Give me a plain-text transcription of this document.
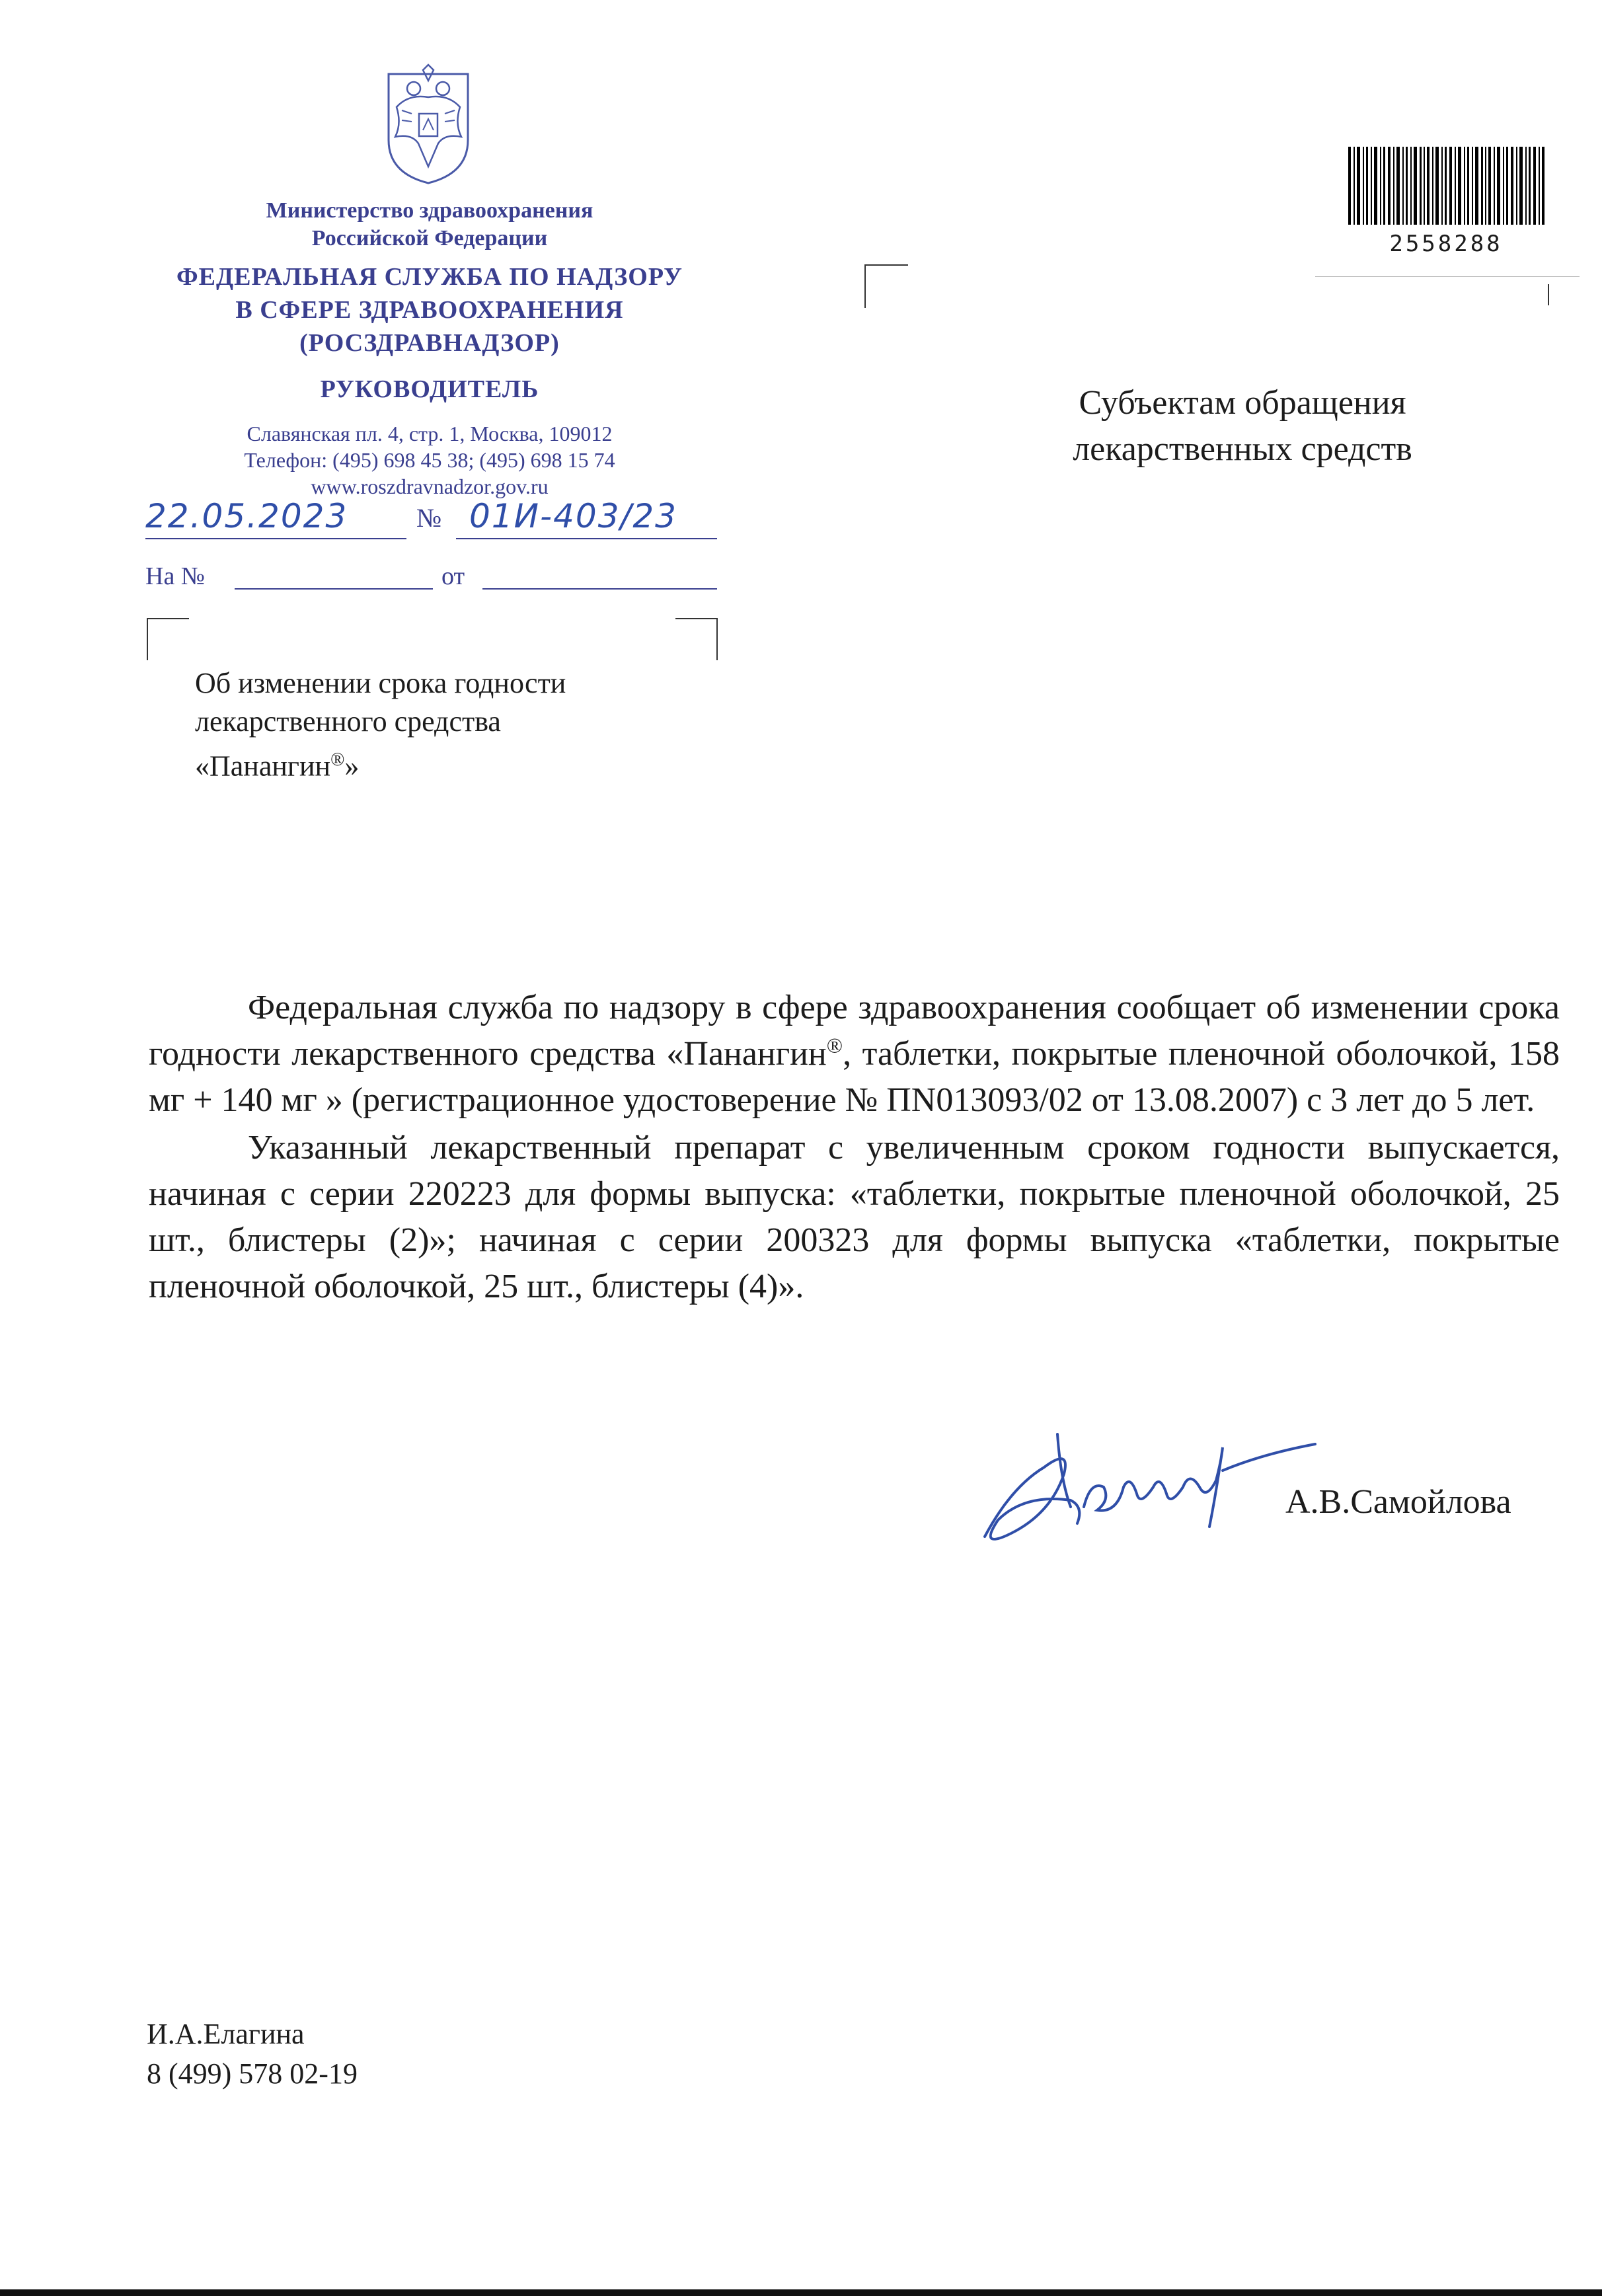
Министерство здравоохранения
Российской Федерации
ФЕДЕРАЛЬНАЯ СЛУЖБА ПО НАДЗОРУ
В СФЕРЕ ЗДРАВООХРАНЕНИЯ
(РОСЗДРАВНАДЗОР)
РУКОВОДИТЕЛЬ
Славянская пл. 4, стр. 1, Москва, 109012
Телефон: (495) 698 45 38; (495) 698 15 74
www.roszdravnadzor.gov.ru
22.05.2023	№ 01И-403/23
На №	от
2558288
Субъектам обращения
лекарственных средств
Об изменении срока годности
лекарственного средства
«Панангин®»

Федеральная служба по надзору в сфере здравоохранения сообщает об изменении срока годности лекарственного средства «Панангин®, таблетки, покрытые пленочной оболочкой, 158 мг + 140 мг » (регистрационное удостоверение № ПN013093/02 от 13.08.2007) с 3 лет до 5 лет.

Указанный лекарственный препарат с увеличенным сроком годности выпускается, начиная с серии 220223 для формы выпуска: «таблетки, покрытые пленочной оболочкой, 25 шт., блистеры (2)»; начиная с серии 200323 для формы выпуска «таблетки, покрытые пленочной оболочкой, 25 шт., блистеры (4)».

А.В.Самойлова
И.А.Елагина
8 (499) 578 02-19
